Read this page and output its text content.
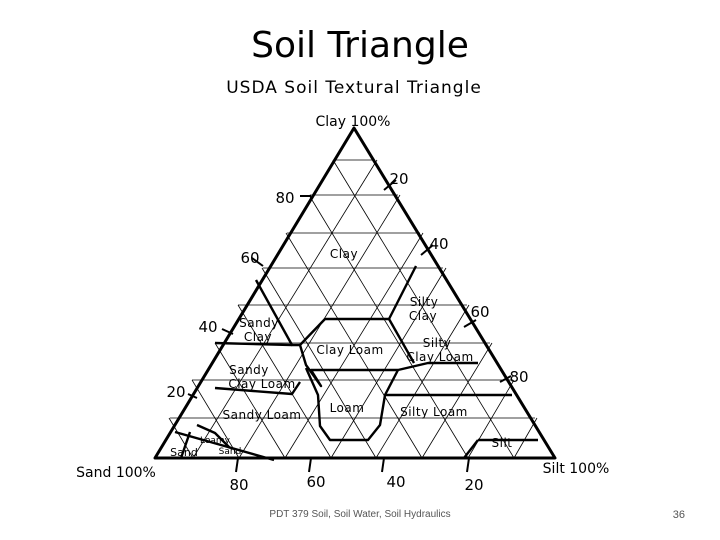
Soil Triangle
USDA Soil Textural Triangle
Clay 100%
Sand 100%	Silt 100%
80
60
40
20
20
40
60
80
80	60	40	20
Clay
Silty
Clay
Sandy
Clay
Clay Loam	Silty
Clay Loam
Sandy
Clay Loam
Loam	Silty Loam
Sandy Loam
Silt
Loamy
Sand
Sand
PDT 379 Soil, Soil Water, Soil Hydraulics	36
